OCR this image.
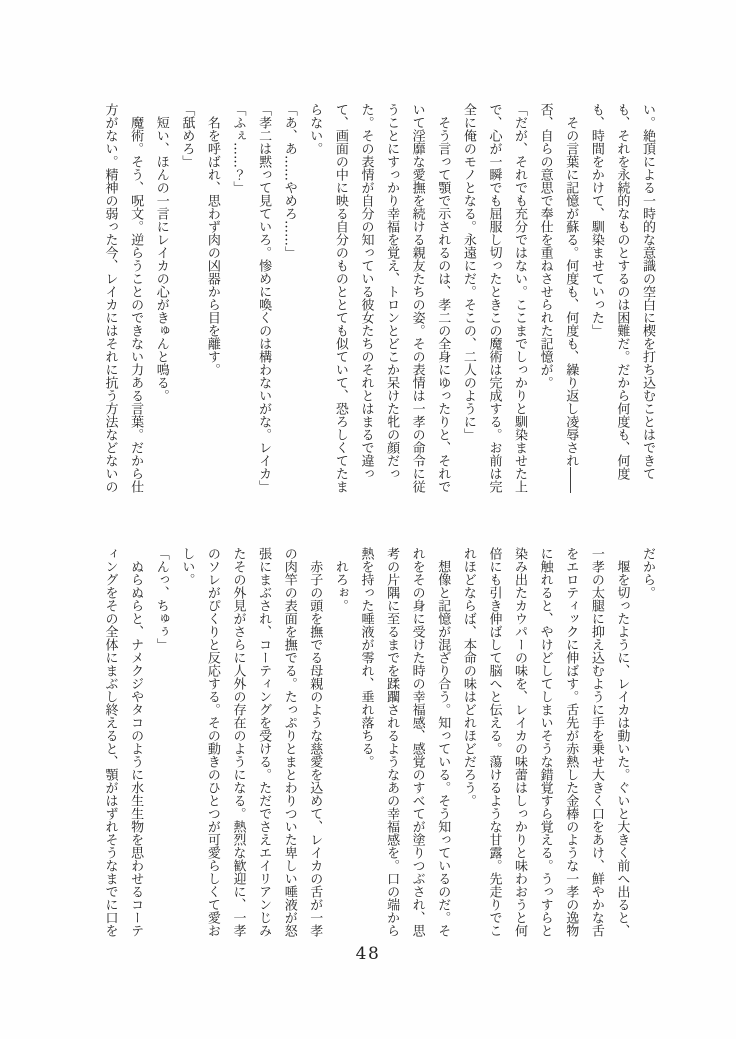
い。絶頂による一時的な意識の空白に楔を打ち込むことはできて
も、それを永続的なものとするのは困難だ。だから何度も、何度
も、時間をかけて、馴染ませていった」
　その言葉に記憶が蘇る。何度も、何度も、繰り返し凌辱され――
否、自らの意思で奉仕を重ねさせられた記憶が。
「だが、それでも充分ではない。ここまでしっかりと馴染ませた上
で、心が一瞬でも屈服し切ったときこの魔術は完成する。お前は完
全に俺のモノとなる。永遠にだ。そこの、二人のように」
　そう言って顎で示されるのは、孝二の全身にゆったりと、それで
いて淫靡な愛撫を続ける親友たちの姿。その表情は一孝の命令に従
うことにすっかり幸福を覚え、トロンとどこか呆けた牝の顔だっ
た。その表情が自分の知っている彼女たちのそれとはまるで違っ
て、画面の中に映る自分のものととても似ていて、恐ろしくてたま
らない。
「あ、あ……やめろ……」
「孝二は黙って見ていろ。惨めに喚くのは構わないがな。レイカ」
「ふぇ……？」
　名を呼ばれ、思わず肉の凶器から目を離す。
「舐めろ」
　短い、ほんの一言にレイカの心がきゅんと鳴る。
　魔術。そう、呪文。逆らうことのできない力ある言葉。だから仕
方がない。精神の弱った今、レイカにはそれに抗う方法などないの
だから。
　堰を切ったように、レイカは動いた。ぐいと大きく前へ出ると、
一孝の太腿に抑え込むように手を乗せ大きく口をあけ、鮮やかな舌
をエロティックに伸ばす。舌先が赤熱した金棒のような一孝の逸物
に触れると、やけどしてしまいそうな錯覚すら覚える。うっすらと
染み出たカウパーの味を、レイカの味蕾はしっかりと味わおうと何
倍にも引き伸ばして脳へと伝える。蕩けるような甘露。先走りでこ
れほどならば、本命の味はどれほどだろう。
　想像と記憶が混ざり合う。知っている。そう知っているのだ。そ
れをその身に受けた時の幸福感、感覚のすべてが塗りつぶされ、思
考の片隅に至るまでを蹂躙されるようなあの幸福感を。口の端から
熱を持った唾液が零れ、垂れ落ちる。
　れろぉ。
　赤子の頭を撫でる母親のような慈愛を込めて、レイカの舌が一孝
の肉竿の表面を撫でる。たっぷりとまとわりついた卑しい唾液が怒
張にまぶされ、コーティングを受ける。ただでさえエイリアンじみ
たその外見がさらに人外の存在のようになる。熱烈な歓迎に、一孝
のソレがぴくりと反応する。その動きのひとつが可愛らしくて愛お
しい。
「んっ、ちゅぅ」
　ぬらぬらと、ナメクジやタコのように水生生物を思わせるコーテ
ィングをその全体にまぶし終えると、顎がはずれそうなまでに口を
48
